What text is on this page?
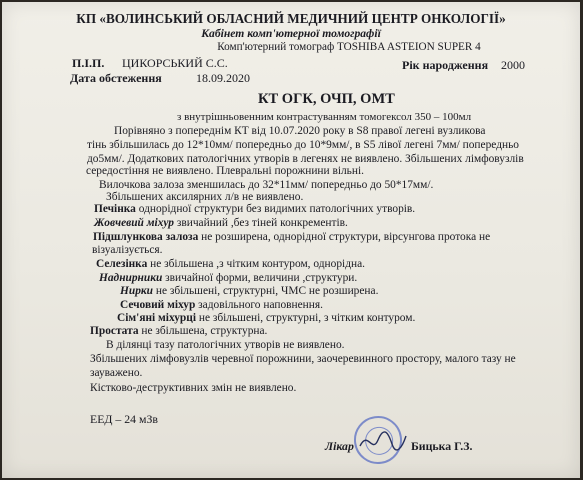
КП «ВОЛИНСЬКИЙ ОБЛАСНИЙ МЕДИЧНИЙ ЦЕНТР ОНКОЛОГІЇ»
Кабінет комп'ютерної томографії
Комп'ютерний томограф TOSHIBA ASTEION SUPER 4
П.І.П. ЦИКОРСЬКИЙ С.С.	Рік народження 2000
Дата обстеження	18.09.2020
КТ ОГК, ОЧП, ОМТ
з внутрішньовенним контрастуванням томогексол 350 – 100мл
Порівняно з попереднім КТ від 10.07.2020 року в S8 правої легені вузликова
тінь збільшилась до 12*10мм/ попередньо до 10*9мм/, в S5 лівої легені 7мм/ попередньо
до5мм/. Додаткових патологічних утворів в легенях не виявлено. Збільшених лімфовузлів
середостіння не виявлено. Плевральні порожнини вільні.
Вилочкова залоза зменшилась до 32*11мм/ попередньо до 50*17мм/.
Збільшених аксилярних л/в не виявлено.
Печінка однорідної структури без видимих патологічних утворів.
Жовчевий міхур звичайний ,без тіней конкрементів.
Підшлункова залоза не розширена, однорідної структури, вірсунгова протока не
візуалізується.
Селезінка не збільшена ,з чітким контуром, однорідна.
Наднирники звичайної форми, величини ,структури.
Нирки не збільшені, структурні, ЧМС не розширена.
Сечовий міхур задовільного наповнення.
Сім'яні міхурці не збільшені, структурні, з чітким контуром.
Простата не збільшена, структурна.
В ділянці тазу патологічних утворів не виявлено.
Збільшених лімфовузлів черевної порожнини, заочеревинного простору, малого тазу не
зауважено.
Кістково-деструктивних змін не виявлено.
ЕЕД – 24 мЗв
Лікар	Бицька Г.З.
